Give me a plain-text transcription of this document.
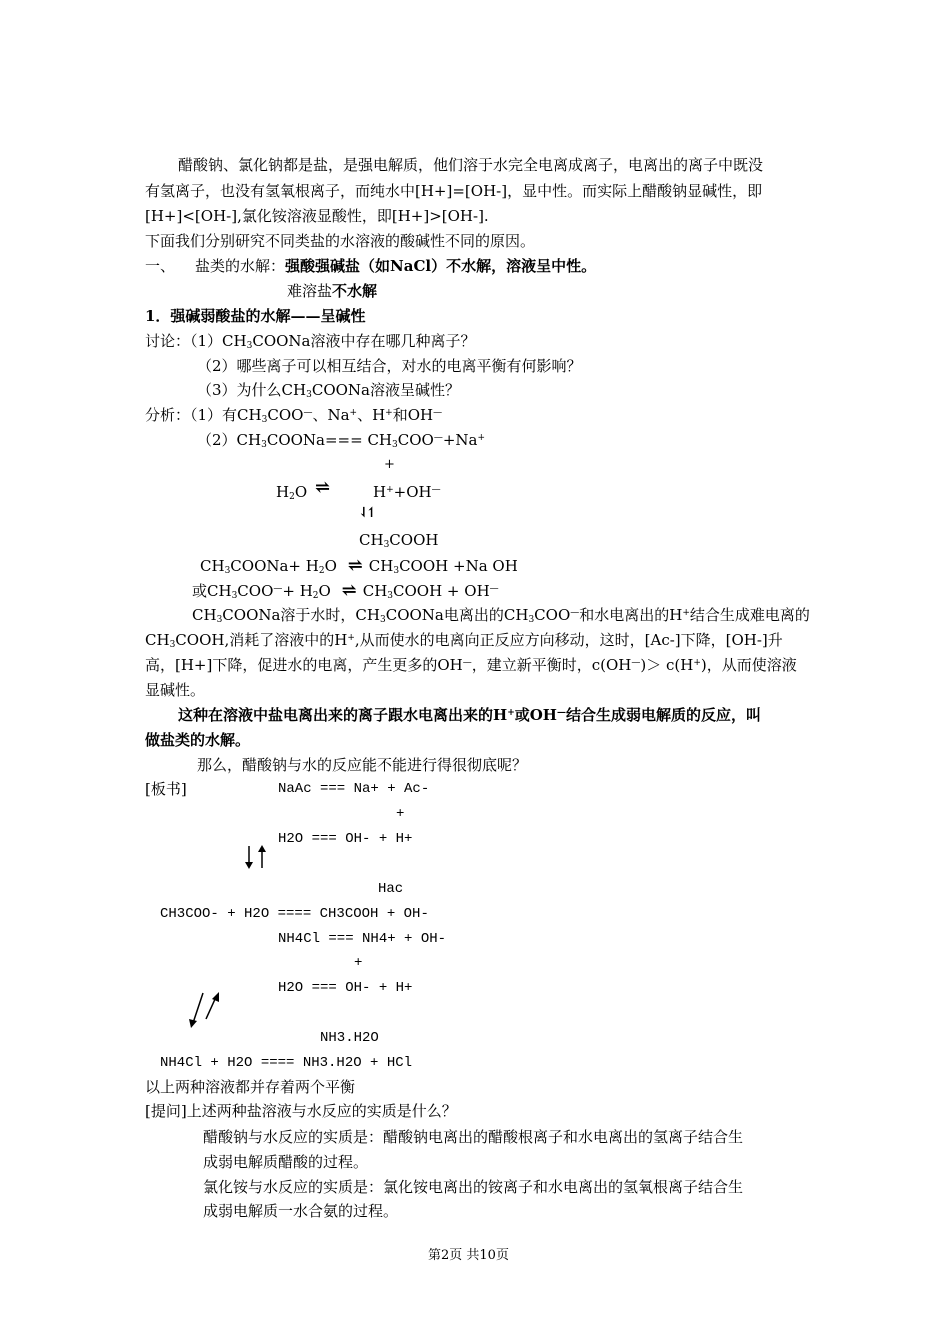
醋酸钠、氯化钠都是盐，是强电解质，他们溶于水完全电离成离子，电离出的离子中既没
有氢离子，也没有氢氧根离子，而纯水中[H+]=[OH-]，显中性。而实际上醋酸钠显碱性，即
[H+]<[OH-],氯化铵溶液显酸性，即[H+]>[OH-].
下面我们分别研究不同类盐的水溶液的酸碱性不同的原因。
一、 盐类的水解：强酸强碱盐（如NaCl）不水解，溶液呈中性。
难溶盐不水解
1．强碱弱酸盐的水解——呈碱性
讨论：$(1)CH_3COONa$溶液中存在哪几种离子？
（2）哪些离子可以相互结合，对水的电离平衡有何影响？
（3）为什么$CH_3COONa$溶液呈碱性？
分析：（1）有$CH_3COO^—$、Na+、H+和OH—
$(2)CH_3COONa=== CH_3COO^—+Na^+$
+
$H_2O$ ⇌	H++OH—
⇃↿
$CH_3COOH$
$CH_3COONa+ H_2O$ ⇌ $CH_3COOH +Na$ OH
或$CH_3COO^—+ H_2O$ ⇌ $CH_3COOH + OH^—$
$CH_3COONa$溶于水时，$CH_3COONa$电离出的$CH_3COO^—$和水电离出的H+结合生成难电离的
$CH_3COOH$,消耗了溶液中的H+,从而使水的电离向正反应方向移动，这时，[Ac-]下降，[OH-]升
高，[H+]下降，促进水的电离，产生更多的OH—，建立新平衡时，c(OH—)＞ c(H+)，从而使溶液
显碱性。
这种在溶液中盐电离出来的离子跟水电离出来的H+或OH—结合生成弱电解质的反应，叫
做盐类的水解。
那么，醋酸钠与水的反应能不能进行得很彻底呢？
[板书]	NaAc === Na+ + Ac-
+
H2O === OH- + H+
Hac
CH3COO- + H2O ==== CH3COOH + OH-
NH4Cl === NH4+ + OH-
+
H2O === OH- + H+
NH3.H2O
NH4Cl + H2O ==== NH3.H2O + HCl
以上两种溶液都并存着两个平衡
[提问]上述两种盐溶液与水反应的实质是什么？
醋酸钠与水反应的实质是：醋酸钠电离出的醋酸根离子和水电离出的氢离子结合生
成弱电解质醋酸的过程。
氯化铵与水反应的实质是：氯化铵电离出的铵离子和水电离出的氢氧根离子结合生
成弱电解质一水合氨的过程。
第2页 共10页
